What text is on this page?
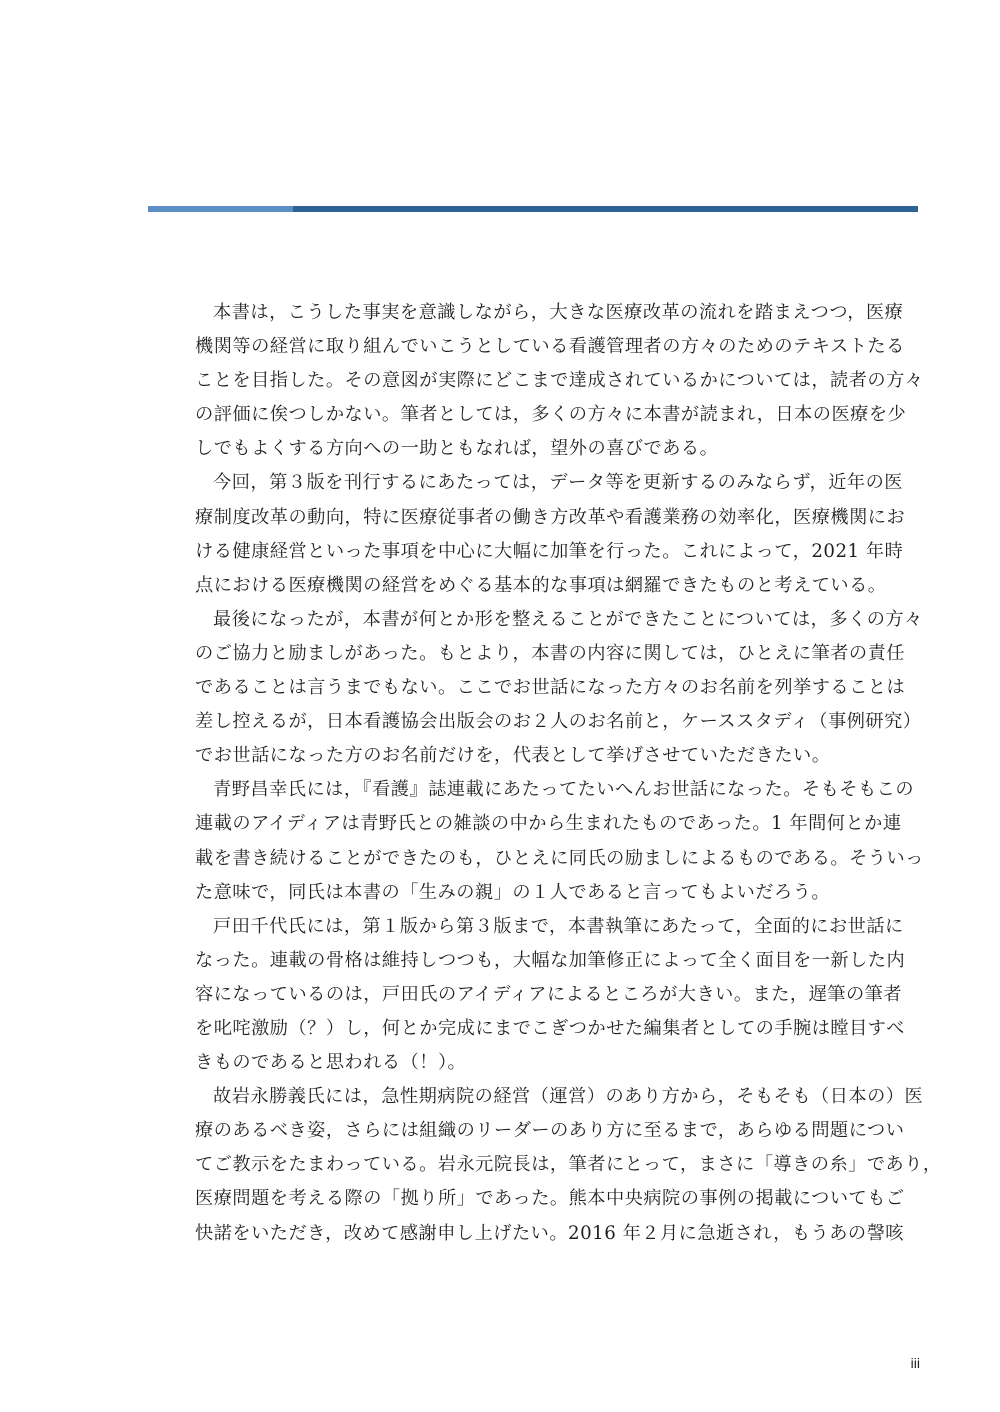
本書は，こうした事実を意識しながら，大きな医療改革の流れを踏まえつつ，医療
機関等の経営に取り組んでいこうとしている看護管理者の方々のためのテキストたる
ことを目指した。その意図が実際にどこまで達成されているかについては，読者の方々
の評価に俟つしかない。筆者としては，多くの方々に本書が読まれ，日本の医療を少
しでもよくする方向への一助ともなれば，望外の喜びである。
今回，第３版を刊行するにあたっては，データ等を更新するのみならず，近年の医
療制度改革の動向，特に医療従事者の働き方改革や看護業務の効率化，医療機関にお
ける健康経営といった事項を中心に大幅に加筆を行った。これによって，2021 年時
点における医療機関の経営をめぐる基本的な事項は網羅できたものと考えている。
最後になったが，本書が何とか形を整えることができたことについては，多くの方々
のご協力と励ましがあった。もとより，本書の内容に関しては，ひとえに筆者の責任
であることは言うまでもない。ここでお世話になった方々のお名前を列挙することは
差し控えるが，日本看護協会出版会のお２人のお名前と，ケーススタディ（事例研究）
でお世話になった方のお名前だけを，代表として挙げさせていただきたい。
青野昌幸氏には，『看護』誌連載にあたってたいへんお世話になった。そもそもこの
連載のアイディアは青野氏との雑談の中から生まれたものであった。1 年間何とか連
載を書き続けることができたのも，ひとえに同氏の励ましによるものである。そういっ
た意味で，同氏は本書の「生みの親」の１人であると言ってもよいだろう。
戸田千代氏には，第１版から第３版まで，本書執筆にあたって，全面的にお世話に
なった。連載の骨格は維持しつつも，大幅な加筆修正によって全く面目を一新した内
容になっているのは，戸田氏のアイディアによるところが大きい。また，遅筆の筆者
を叱咤激励（？）し，何とか完成にまでこぎつかせた編集者としての手腕は瞠目すべ
きものであると思われる（！）。
故岩永勝義氏には，急性期病院の経営（運営）のあり方から，そもそも（日本の）医
療のあるべき姿，さらには組織のリーダーのあり方に至るまで，あらゆる問題につい
てご教示をたまわっている。岩永元院長は，筆者にとって，まさに「導きの糸」であり，
医療問題を考える際の「拠り所」であった。熊本中央病院の事例の掲載についてもご
快諾をいただき，改めて感謝申し上げたい。2016 年２月に急逝され，もうあの謦咳
iii
